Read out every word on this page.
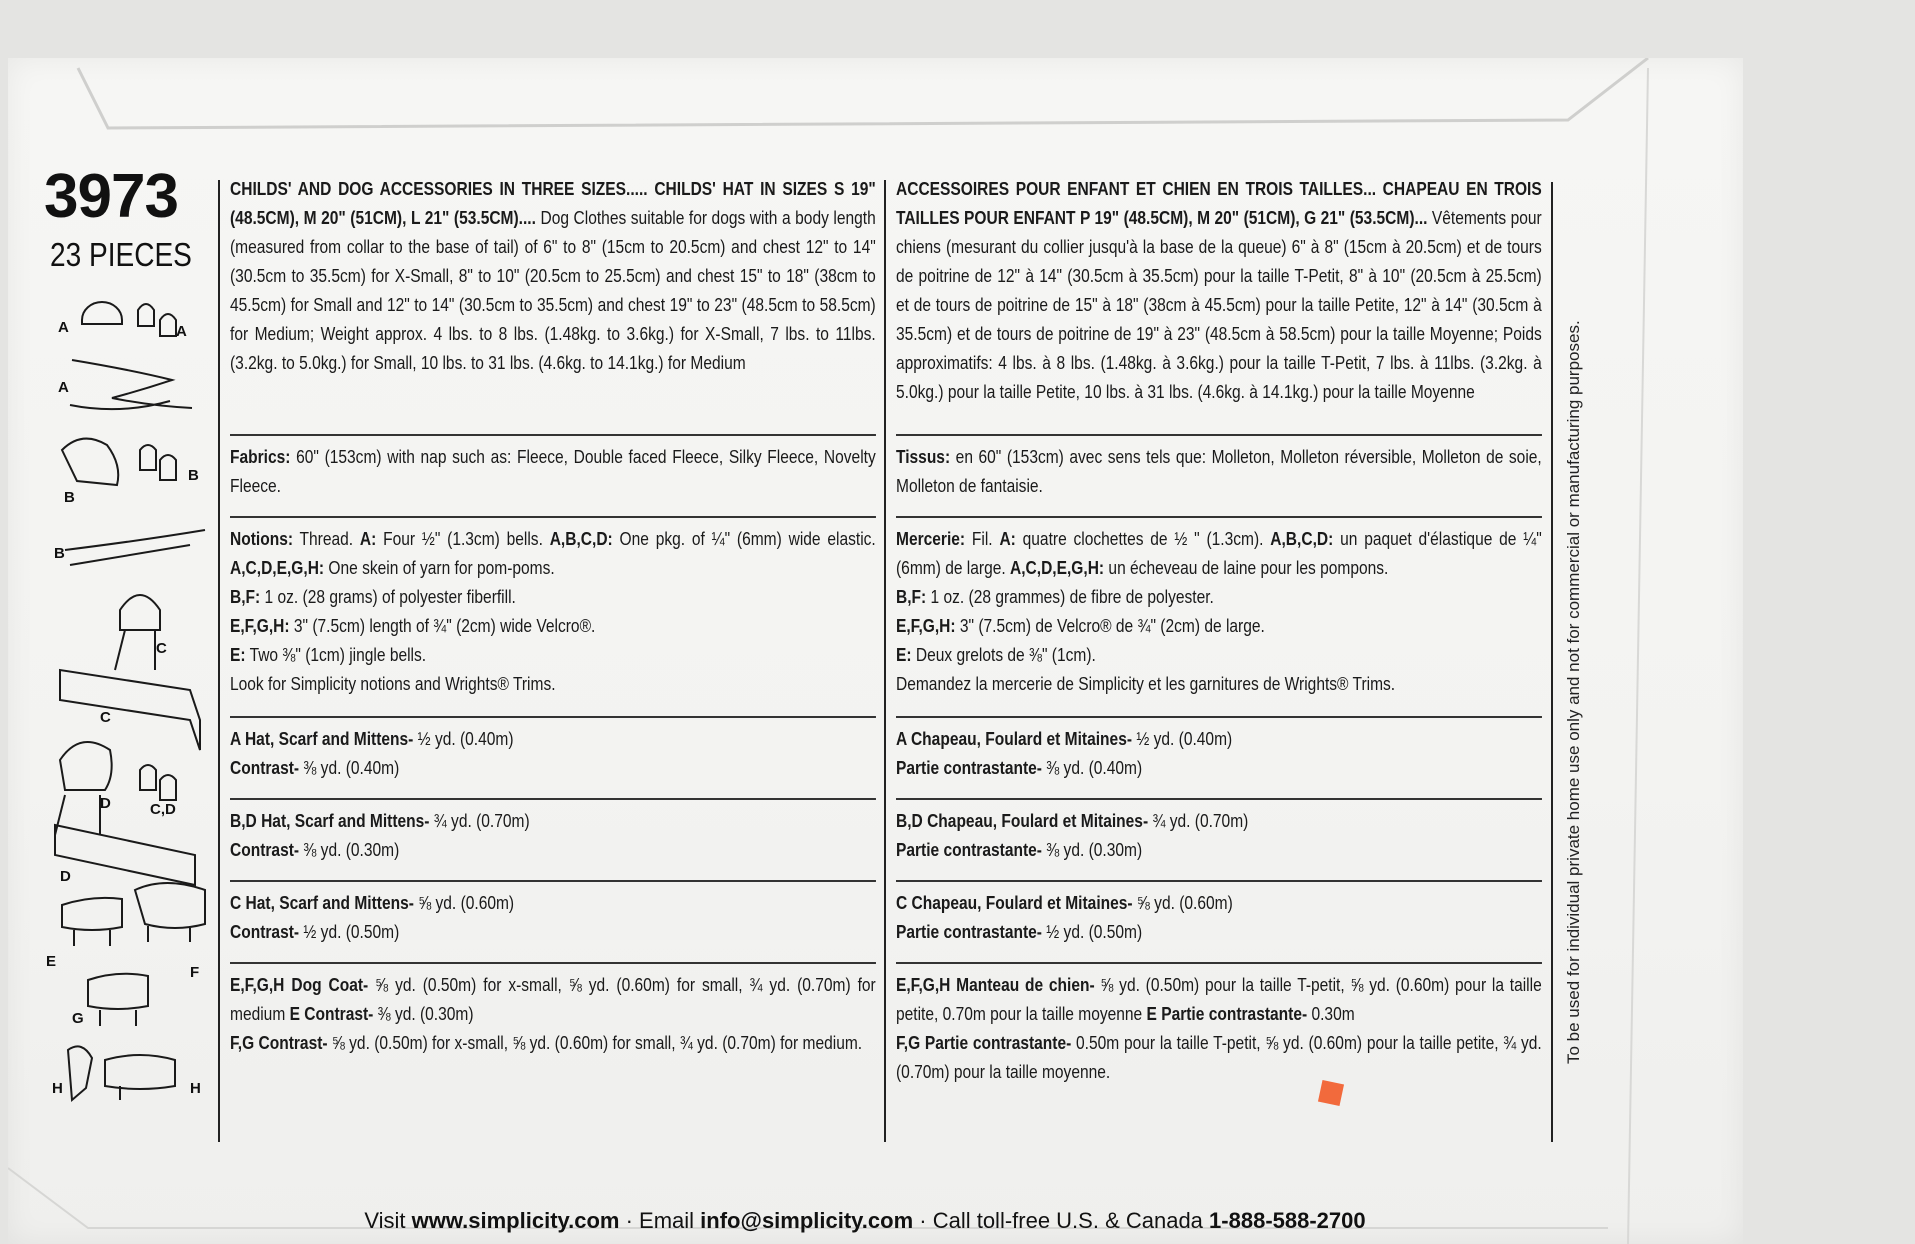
3973
23 PIECES
A	A
A
B
B
B
C
C
D	C,D
D
E
F
G
H	H

CHILDS' AND DOG ACCESSORIES IN THREE SIZES..... CHILDS' HAT IN SIZES S 19" (48.5CM), M 20" (51CM), L 21" (53.5CM).... Dog Clothes suitable for dogs with a body length (measured from collar to the base of tail) of 6" to 8" (15cm to 20.5cm) and chest 12" to 14" (30.5cm to 35.5cm) for X-Small, 8" to 10" (20.5cm to 25.5cm) and chest 15" to 18" (38cm to 45.5cm) for Small and 12" to 14" (30.5cm to 35.5cm) and chest 19" to 23" (48.5cm to 58.5cm) for Medium; Weight approx. 4 lbs. to 8 lbs. (1.48kg. to 3.6kg.) for X-Small, 7 lbs. to 11lbs. (3.2kg. to 5.0kg.) for Small, 10 lbs. to 31 lbs. (4.6kg. to 14.1kg.) for Medium

Fabrics: 60" (153cm) with nap such as: Fleece, Double faced Fleece, Silky Fleece, Novelty Fleece.

Notions: Thread. A: Four ½" (1.3cm) bells. A,B,C,D: One pkg. of ¼" (6mm) wide elastic. A,C,D,E,G,H: One skein of yarn for pom-poms.

B,F: 1 oz. (28 grams) of polyester fiberfill.

E,F,G,H: 3" (7.5cm) length of ¾" (2cm) wide Velcro®.

E: Two ⅜" (1cm) jingle bells.

Look for Simplicity notions and Wrights® Trims.

A Hat, Scarf and Mittens- ½ yd. (0.40m)

Contrast- ⅜ yd. (0.40m)

B,D Hat, Scarf and Mittens- ¾ yd. (0.70m)

Contrast- ⅜ yd. (0.30m)

C Hat, Scarf and Mittens- ⅝ yd. (0.60m)

Contrast- ½ yd. (0.50m)

E,F,G,H Dog Coat- ⅝ yd. (0.50m) for x-small, ⅝ yd. (0.60m) for small, ¾ yd. (0.70m) for medium E Contrast- ⅜ yd. (0.30m)

F,G Contrast- ⅝ yd. (0.50m) for x-small, ⅝ yd. (0.60m) for small, ¾ yd. (0.70m) for medium.

ACCESSOIRES POUR ENFANT ET CHIEN EN TROIS TAILLES... CHAPEAU EN TROIS TAILLES POUR ENFANT P 19" (48.5CM), M 20" (51CM), G 21" (53.5CM)... Vêtements pour chiens (mesurant du collier jusqu'à la base de la queue) 6" à 8" (15cm à 20.5cm) et de tours de poitrine de 12" à 14" (30.5cm à 35.5cm) pour la taille T-Petit, 8" à 10" (20.5cm à 25.5cm) et de tours de poitrine de 15" à 18" (38cm à 45.5cm) pour la taille Petite, 12" à 14" (30.5cm à 35.5cm) et de tours de poitrine de 19" à 23" (48.5cm à 58.5cm) pour la taille Moyenne; Poids approximatifs: 4 lbs. à 8 lbs. (1.48kg. à 3.6kg.) pour la taille T-Petit, 7 lbs. à 11lbs. (3.2kg. à 5.0kg.) pour la taille Petite, 10 lbs. à 31 lbs. (4.6kg. à 14.1kg.) pour la taille Moyenne

Tissus: en 60" (153cm) avec sens tels que: Molleton, Molleton réversible, Molleton de soie, Molleton de fantaisie.

Mercerie: Fil. A: quatre clochettes de ½ " (1.3cm). A,B,C,D: un paquet d'élastique de ¼"(6mm) de large. A,C,D,E,G,H: un écheveau de laine pour les pompons.

B,F: 1 oz. (28 grammes) de fibre de polyester.

E,F,G,H: 3" (7.5cm) de Velcro® de ¾" (2cm) de large.

E: Deux grelots de ⅜" (1cm).

Demandez la mercerie de Simplicity et les garnitures de Wrights® Trims.

A Chapeau, Foulard et Mitaines- ½ yd. (0.40m)

Partie contrastante- ⅜ yd. (0.40m)

B,D Chapeau, Foulard et Mitaines- ¾ yd. (0.70m)

Partie contrastante- ⅜ yd. (0.30m)

C Chapeau, Foulard et Mitaines- ⅝ yd. (0.60m)

Partie contrastante- ½ yd. (0.50m)

E,F,G,H Manteau de chien- ⅝ yd. (0.50m) pour la taille T-petit, ⅝ yd. (0.60m) pour la taille petite, 0.70m pour la taille moyenne E Partie contrastante- 0.30m

F,G Partie contrastante- 0.50m pour la taille T-petit, ⅝ yd. (0.60m) pour la taille petite, ¾ yd. (0.70m) pour la taille moyenne.

To be used for individual private home use only and not for commercial or manufacturing purposes.
Visit www.simplicity.com · Email info@simplicity.com · Call toll-free U.S. & Canada 1-888-588-2700
